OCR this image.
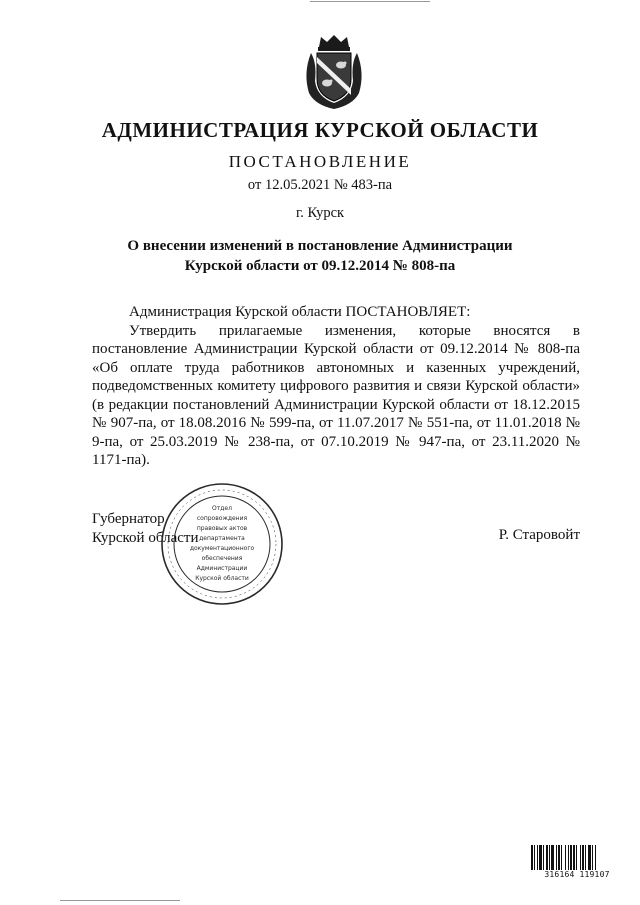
АДМИНИСТРАЦИЯ КУРСКОЙ ОБЛАСТИ
ПОСТАНОВЛЕНИЕ
от 12.05.2021 № 483-па
г. Курск
О внесении изменений в постановление Администрации
Курской области от 09.12.2014 № 808-па

Администрация Курской области ПОСТАНОВЛЯЕТ:

Утвердить прилагаемые изменения, которые вносятся в постановление Администрации Курской области от 09.12.2014 № 808-па «Об оплате труда работников автономных и казенных учреждений, подведомственных комитету цифрового развития и связи Курской области» (в редакции постановлений Администрации Курской области от 18.12.2015 № 907-па, от 18.08.2016 № 599-па, от 11.07.2017 № 551-па, от 11.01.2018 № 9-па, от 25.03.2019 № 238-па, от 07.10.2019 № 947-па, от 23.11.2020 № 1171-па).

Губернатор
Курской области	Р. Старовойт
Отдел
сопровождения
правовых актов
департамента
документационного
обеспечения
Администрации
Курской области
316164 119107
